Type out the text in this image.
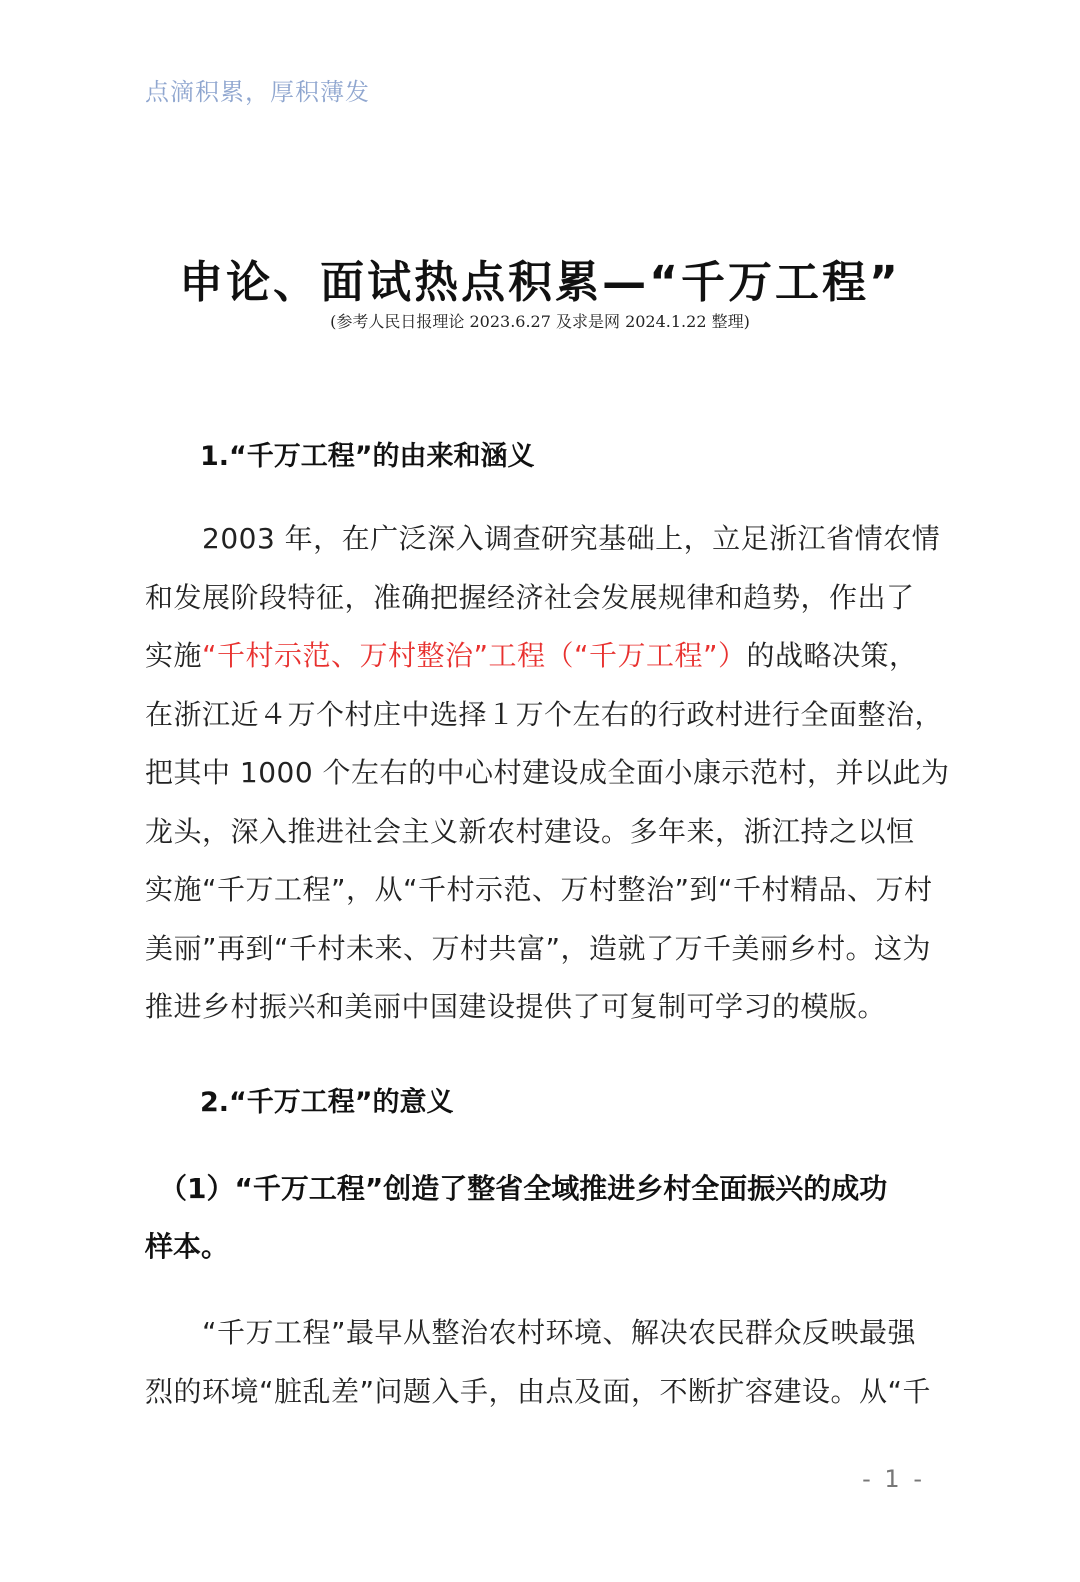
点滴积累，厚积薄发
申论、面试热点积累—“千万工程”
(参考人民日报理论 2023.6.27 及求是网 2024.1.22 整理)
1.“千万工程”的由来和涵义
　　2003 年，在广泛深入调查研究基础上，立足浙江省情农情
和发展阶段特征，准确把握经济社会发展规律和趋势，作出了
实施“千村示范、万村整治”工程（“千万工程”）的战略决策，
在浙江近４万个村庄中选择１万个左右的行政村进行全面整治，
把其中 1000 个左右的中心村建设成全面小康示范村，并以此为
龙头，深入推进社会主义新农村建设。多年来，浙江持之以恒
实施“千万工程”，从“千村示范、万村整治”到“千村精品、万村
美丽”再到“千村未来、万村共富”，造就了万千美丽乡村。这为
推进乡村振兴和美丽中国建设提供了可复制可学习的模版。
2.“千万工程”的意义
　（1）“千万工程”创造了整省全域推进乡村全面振兴的成功
样本。
　　“千万工程”最早从整治农村环境、解决农民群众反映最强
烈的环境“脏乱差”问题入手，由点及面，不断扩容建设。从“千
- 1 -
